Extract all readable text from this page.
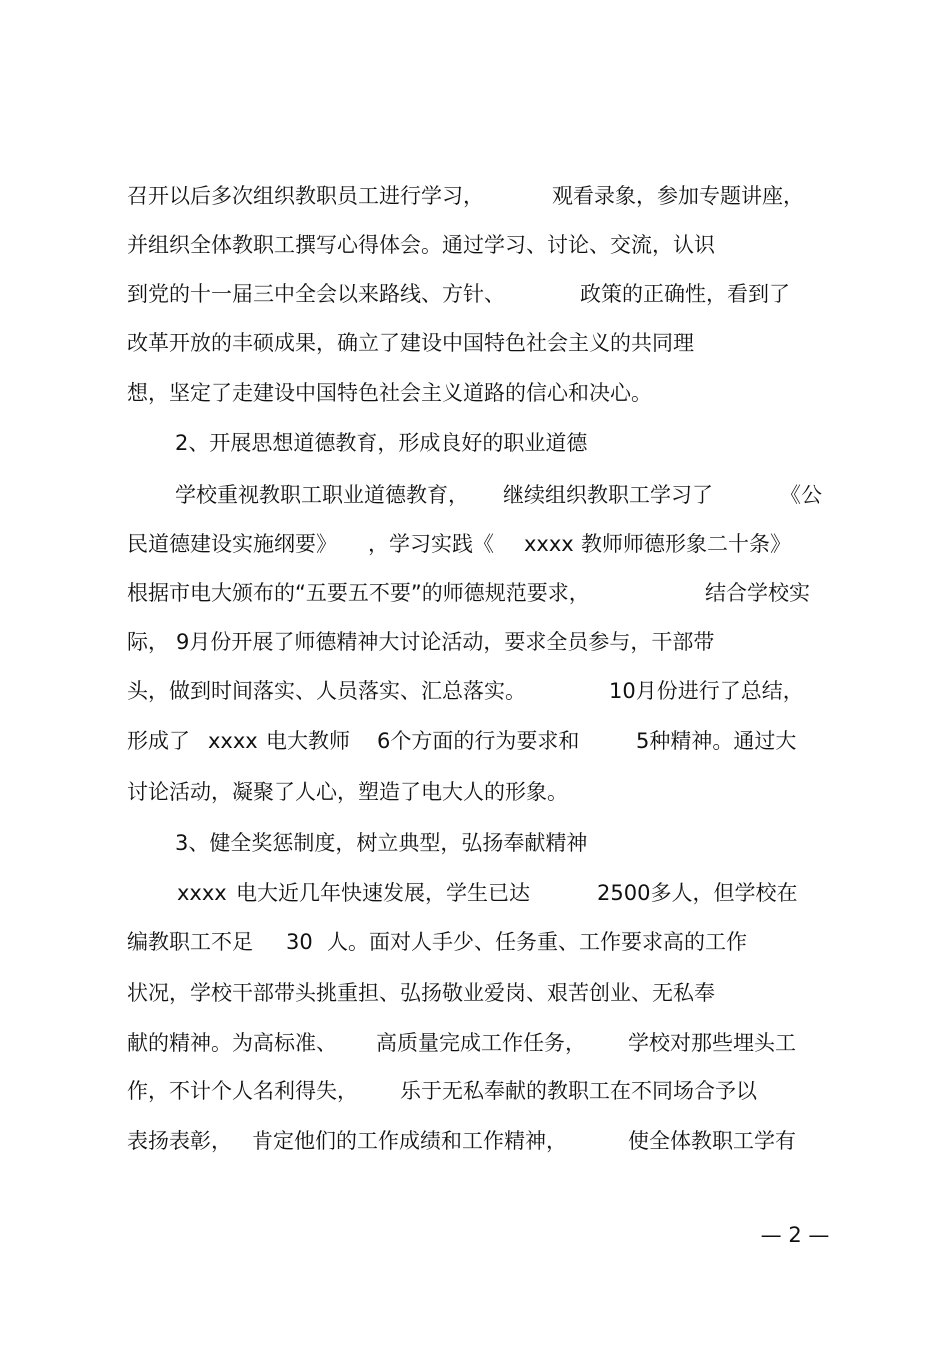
召开以后多次组织教职员工进行学习，

	观看录象，参加专题讲座，

并组织全体教职工撰写心得体会。通过学习、讨论、交流，认识

到党的十一届三中全会以来路线、方针、

	政策的正确性，看到了

改革开放的丰硕成果，确立了建设中国特色社会主义的共同理

想，坚定了走建设中国特色社会主义道路的信心和决心。

2、开展思想道德教育，形成良好的职业道德

学校重视教职工职业道德教育，

继续组织教职工学习了

	《公

民道德建设实施纲要》

，学习实践《

xxxx

教师师德形象二十条》

根据市电大颁布的“五要五不要”的师德规范要求，

	结合学校实

际，

9月份开展了师德精神大讨论活动，要求全员参与，干部带

头，做到时间落实、人员落实、汇总落实。

	10月份进行了总结，

形成了

xxxx

电大教师

6个方面的行为要求和

	5种精神。通过大

讨论活动，凝聚了人心，塑造了电大人的形象。

3、健全奖惩制度，树立典型，弘扬奉献精神

xxxx

电大近几年快速发展，学生已达

	2500多人，但学校在

编教职工不足

30

人。面对人手少、任务重、工作要求高的工作

状况，学校干部带头挑重担、弘扬敬业爱岗、艰苦创业、无私奉

献的精神。为高标准、

高质量完成工作任务，

学校对那些埋头工

作，不计个人名利得失，

乐于无私奉献的教职工在不同场合予以

表扬表彰，

肯定他们的工作成绩和工作精神，

	使全体教职工学有

— 2 —
